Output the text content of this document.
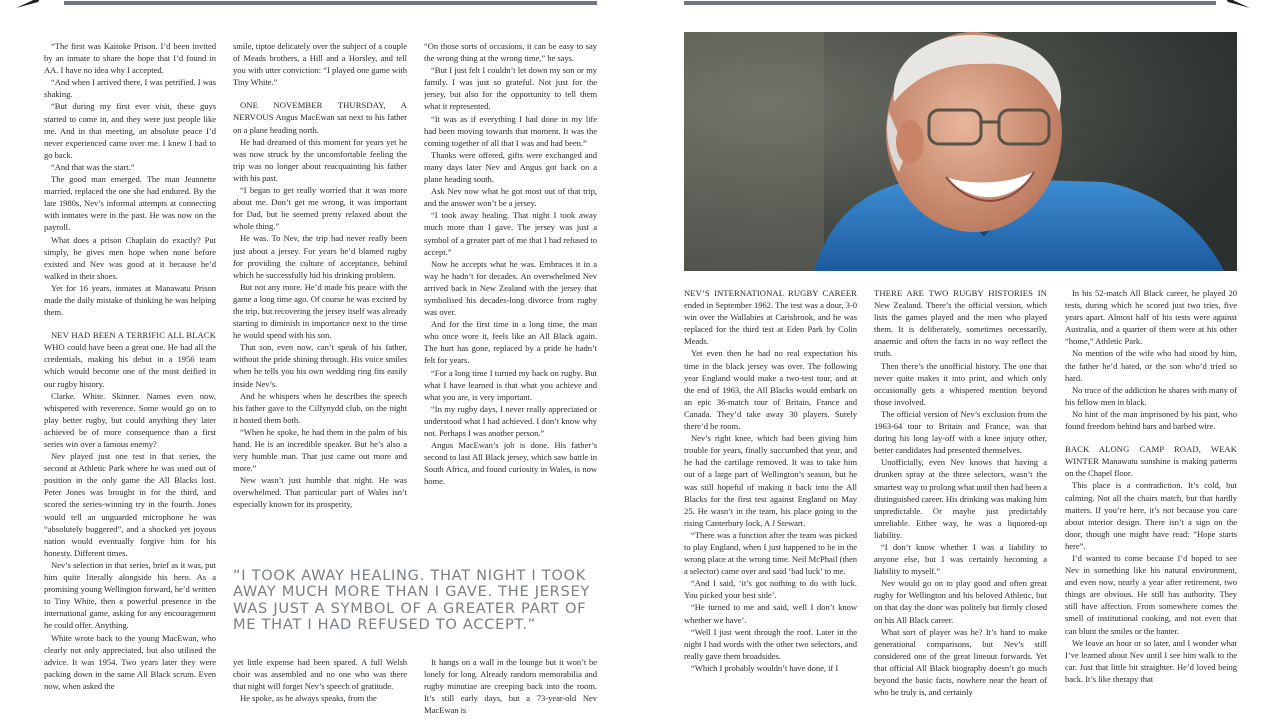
“The first was Kaitoke Prison. I’d been invited by an inmate to share the hope that I’d found in AA. I have no idea why I accepted.

“And when I arrived there, I was petrified. I was shaking.

“But during my first ever visit, these guys started to come in, and they were just people like me. And in that meeting, an absolute peace I’d never experienced came over me. I knew I had to go back.

“And that was the start.”

The good man emerged. The man Jeannette married, replaced the one she had endured. By the late 1980s, Nev’s informal attempts at connecting with inmates were in the past. He was now on the payroll.

What does a prison Chaplain do exactly? Put simply, he gives men hope when none before existed and Nev was good at it because he’d walked in their shoes.

Yet for 16 years, inmates at Manawatu Prison made the daily mistake of thinking he was helping them.

NEV HAD BEEN A TERRIFIC ALL BLACK WHO could have been a great one. He had all the credentials, making his debut in a 1956 team which would become one of the most deified in our rugby history.

Clarke. White. Skinner. Names even now, whispered with reverence. Some would go on to play better rugby, but could anything they later achieved be of more consequence than a first series win over a famous enemy?

Nev played just one test in that series, the second at Athletic Park where he was used out of position in the only game the All Blacks lost. Peter Jones was brought in for the third, and scored the series-winning try in the fourth. Jones would tell an unguarded microphone he was “absolutely buggered”, and a shocked yet joyous nation would eventually forgive him for his honesty. Different times.

Nev’s selection in that series, brief as it was, put him quite literally alongside his hero. As a promising young Wellington forward, he’d written to Tiny White, then a powerful presence in the international game, asking for any encouragement he could offer. Anything.

White wrote back to the young MacEwan, who clearly not only appreciated, but also utilised the advice. It was 1954. Two years later they were packing down in the same All Black scrum. Even now, when asked the

smile, tiptoe delicately over the subject of a couple of Meads brothers, a Hill and a Horsley, and tell you with utter conviction: “I played one game with Tiny White.”

ONE NOVEMBER THURSDAY, A NERVOUS Angus MacEwan sat next to his father on a plane heading north.

He had dreamed of this moment for years yet he was now struck by the uncomfortable feeling the trip was no longer about reacquainting his father with his past.

“I began to get really worried that it was more about me. Don’t get me wrong, it was important for Dad, but he seemed pretty relaxed about the whole thing.”

He was. To Nev, the trip had never really been just about a jersey. For years he’d blamed rugby for providing the culture of acceptance, behind which he successfully hid his drinking problem.

But not any more. He’d made his peace with the game a long time ago. Of course he was excited by the trip, but recovering the jersey itself was already starting to diminish in importance next to the time he would spend with his son.

That son, even now, can’t speak of his father, without the pride shining through. His voice smiles when he tells you his own wedding ring fits easily inside Nev’s.

And he whispers when he describes the speech his father gave to the Cilfynydd club, on the night it hosted them both.

“When he spoke, he had them in the palm of his hand. He is an incredible speaker. But he’s also a very humble man. That just came out more and more.”

New wasn’t just humble that night. He was overwhelmed. That particular part of Wales isn’t especially known for its prosperity,

“On those sorts of occasions, it can be easy to say the wrong thing at the wrong time,” he says.

“But I just felt I couldn’t let down my son or my family. I was just so grateful. Not just for the jersey, but also for the opportunity to tell them what it represented.

“It was as if everything I had done in my life had been moving towards that moment. It was the coming together of all that I was and had been.”

Thanks were offered, gifts were exchanged and many days later Nev and Angus got back on a plane heading south.

Ask Nev now what he got most out of that trip, and the answer won’t be a jersey.

“I took away healing. That night I took away much more than I gave. The jersey was just a symbol of a greater part of me that I had refused to accept.”

Now he accepts what he was. Embraces it in a way he hadn’t for decades. An overwhelmed Nev arrived back in New Zealand with the jersey that symbolised his decades-long divorce from rugby was over.

And for the first time in a long time, the man who once wore it, feels like an All Black again. The hurt has gone, replaced by a pride he hadn’t felt for years.

“For a long time I turned my back on rugby. But what I have learned is that what you achieve and what you are, is very important.

“In my rugby days, I never really appreciated or understood what I had achieved. I don’t know why not. Perhaps I was another person.”

Angus MacEwan’s job is done. His father’s second to last All Black jersey, which saw battle in South Africa, and found curiosity in Wales, is now home.

“I TOOK AWAY HEALING. THAT NIGHT I TOOK AWAY MUCH MORE THAN I GAVE. THE JERSEY WAS JUST A SYMBOL OF A GREATER PART OF ME THAT I HAD REFUSED TO ACCEPT.”

yet little expense had been spared. A full Welsh choir was assembled and no one who was there that night will forget Nev’s speech of gratitude.

He spoke, as he always speaks, from the

It hangs on a wall in the lounge but it won’t be lonely for long. Already random memorabilia and rugby minutiae are creeping back into the room. It’s still early days, but a 73-year-old Nev MacEwan is

NEV’S INTERNATIONAL RUGBY CAREER ended in September 1962. The test was a dour, 3-0 win over the Wallabies at Carisbrook, and he was replaced for the third test at Eden Park by Colin Meads.

Yet even then he had no real expectation his time in the black jersey was over. The following year England would make a two-test tour, and at the end of 1963, the All Blacks would embark on an epic 36-match tour of Britain, France and Canada. They’d take away 30 players. Surely there’d be room.

Nev’s right knee, which had been giving him trouble for years, finally succumbed that year, and he had the cartilage removed. It was to take him out of a large part of Wellington’s season, but he was still hopeful of making it back into the All Blacks for the first test against England on May 25. He wasn’t in the team, his place going to the rising Canterbury lock, A J Stewart.

“There was a function after the team was picked to play England, when I just happened to be in the wrong place at the wrong time. Neil McPhail (then a selector) came over and said ‘bad luck’ to me.

“And I said, ‘it’s got nothing to do with luck. You picked your best side’.

“He turned to me and said, well I don’t know whether we have’.

“Well I just went through the roof. Later in the night I had words with the other two selectors, and really gave them broadsides.

“Which I probably wouldn’t have done, if I

THERE ARE TWO RUGBY HISTORIES IN New Zealand. There’s the official version, which lists the games played and the men who played them. It is deliberately, sometimes necessarily, anaemic and often the facts in no way reflect the truth.

Then there’s the unofficial history. The one that never quite makes it into print, and which only occasionally gets a whispered mention beyond those involved.

The official version of Nev’s exclusion from the 1963-64 tour to Britain and France, was that during his long lay-off with a knee injury other, better candidates had presented themselves.

Unofficially, even Nev knows that having a drunken spray at the three selectors, wasn’t the smartest way to prolong what until then had been a distinguished career. His drinking was making him unpredictable. Or maybe just predictably unreliable. Either way, he was a liquored-up liability.

“I don’t know whether I was a liability to anyone else, but I was certainly becoming a liability to myself.”

Nev would go on to play good and often great rugby for Wellington and his beloved Athletic, but on that day the door was politely but firmly closed on his All Black career.

What sort of player was he? It’s hard to make generational comparisons, but Nev’s still considered one of the great lineout forwards. Yet that official All Black biography doesn’t go much beyond the basic facts, nowhere near the heart of who he truly is, and certainly

In his 52-match All Black career, he played 20 tests, during which he scored just two tries, five years apart. Almost half of his tests were against Australia, and a quarter of them were at his other “home,” Athletic Park.

No mention of the wife who had stood by him, the father he’d hated, or the son who’d tried so hard.

No trace of the addiction he shares with many of his fellow men in black.

No hint of the man imprisoned by his past, who found freedom behind bars and barbed wire.

BACK ALONG CAMP ROAD, WEAK WINTER Manawatu sunshine is making patterns on the Chapel floor.

This place is a contradiction. It’s cold, but calming. Not all the chairs match, but that hardly matters. If you’re here, it’s not because you care about interior design. There isn’t a sign on the door, though one might have read: “Hope starts here”.

I’d wanted to come because I’d hoped to see Nev in something like his natural environment, and even now, nearly a year after retirement, two things are obvious. He still has authority. They still have affection. From somewhere comes the smell of institutional cooking, and not even that can blunt the smiles or the banter.

We leave an hour or so later, and I wonder what I’ve learned about Nev until I see him walk to the car. Just that little bit straighter. He’d loved being back. It’s like therapy that
